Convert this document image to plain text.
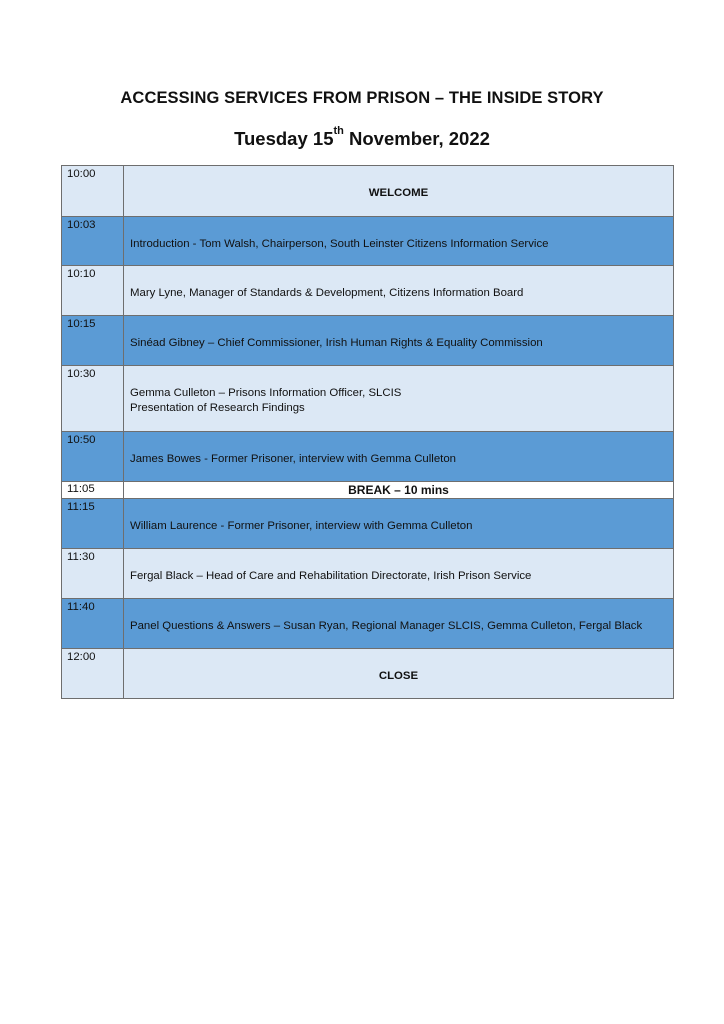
ACCESSING SERVICES FROM PRISON – THE INSIDE STORY
Tuesday 15th November, 2022
10:00	WELCOME

10:03	Introduction - Tom Walsh, Chairperson, South Leinster Citizens Information Service

10:10	Mary Lyne, Manager of Standards & Development, Citizens Information Board

10:15	Sinéad Gibney – Chief Commissioner, Irish Human Rights & Equality Commission

10:30	Gemma Culleton – Prisons Information Officer, SLCIS
Presentation of Research Findings

10:50	James Bowes - Former Prisoner, interview with Gemma Culleton

11:05	BREAK – 10 mins

11:15	William Laurence - Former Prisoner, interview with Gemma Culleton

11:30	Fergal Black – Head of Care and Rehabilitation Directorate, Irish Prison Service

11:40	Panel Questions & Answers – Susan Ryan, Regional Manager SLCIS, Gemma Culleton, Fergal Black

12:00	CLOSE
